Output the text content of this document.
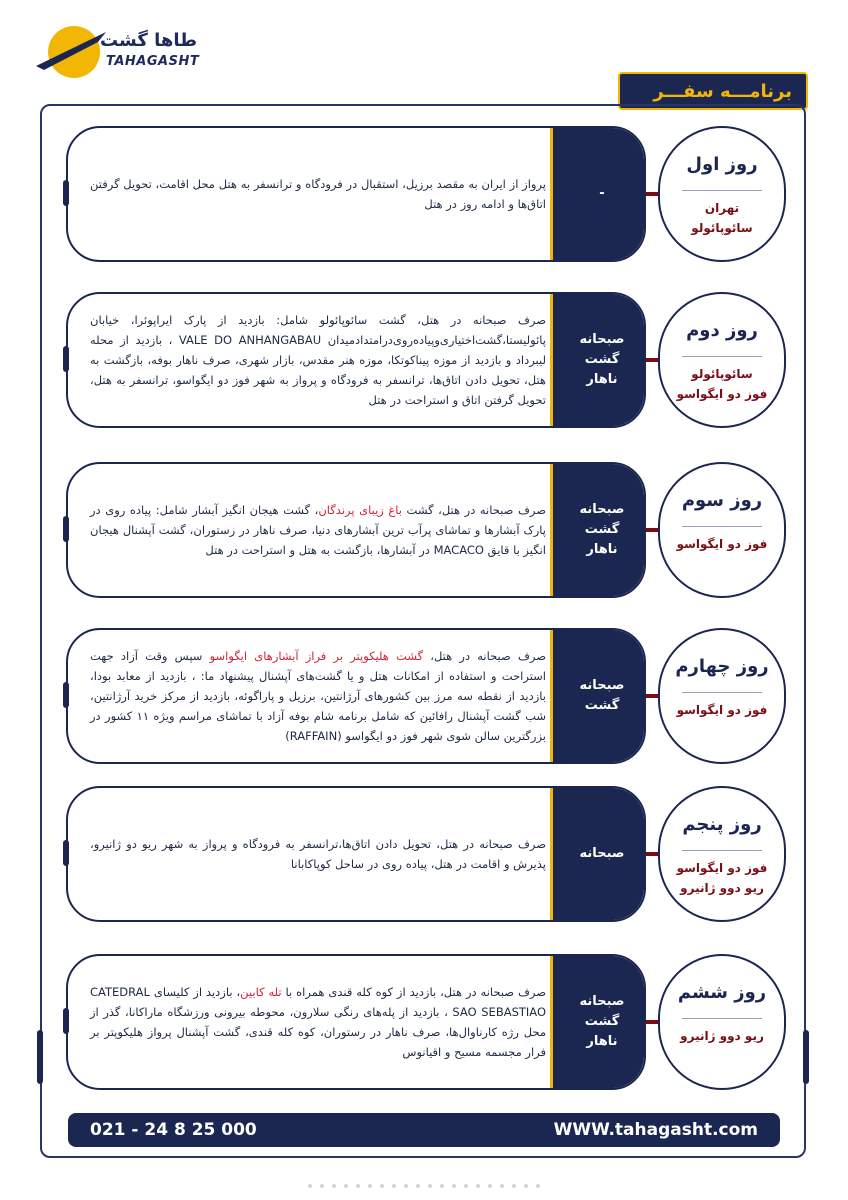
طاها گشت
TAHAGASHT
برنامـــه سفـــر
پرواز از ایران به مقصد برزیل، استقبال در فرودگاه و ترانسفر به هتل محل اقامت، تحویل گرفتن اتاق‌ها و ادامه روز در هتل
-
روز اول
تهران
سائوپائولو
صرف صبحانه در هتل، گشت سائوپائولو شامل: بازدید از پارک ایراپوئرا، خیابان پائولیستا،گشت‌اختیاری‌وپیاده‌روی‌درامتدادمیدان VALE DO ANHANGABAU ، بازدید از محله لیبرداد و بازدید از موزه پیناکوتکا، موزه هنر مقدس، بازار شهری، صرف ناهار بوفه، بازگشت به هتل، تحویل دادن اتاق‌ها، ترانسفر به فرودگاه و پرواز به شهر فوز دو ایگواسو، ترانسفر به هتل، تحویل گرفتن اتاق و استراحت در هتل
صبحانه
گشت
ناهار
روز دوم
سائوپائولو
فوز دو ایگواسو
صرف صبحانه در هتل، گشت باغ زیبای پرندگان، گشت هیجان انگیز آبشار شامل: پیاده روی در پارک آبشارها و تماشای پرآب ترین آبشارهای دنیا، صرف ناهار در رستوران، گشت آپشنال هیجان انگیز با قایق MACACO در آبشارها، بازگشت به هتل و استراحت در هتل
صبحانه
گشت
ناهار
روز سوم
فوز دو ایگواسو
صرف صبحانه در هتل، گشت هلیکوپتر بر فراز آبشارهای ایگواسو سپس وقت آزاد جهت استراحت و استفاده از امکانات هتل و یا گشت‌های آپشنال پیشنهاد ما: ، بازدید از معابد بودا، بازدید از نقطه سه مرز بین کشورهای آرژانتین، برزیل و پاراگوئه، بازدید از مرکز خرید آرژانتین، شب گشت آپشنال رافائین که شامل برنامه شام بوفه آزاد با تماشای مراسم ویژه ۱۱ کشور در بزرگترین سالن شوی شهر فوز دو ایگواسو (RAFFAIN)
صبحانه
گشت
روز چهارم
فوز دو ایگواسو
صرف صبحانه در هتل، تحویل دادن اتاق‌ها،ترانسفر به فرودگاه و پرواز به شهر ریو دو ژانیرو، پذیرش و اقامت در هتل، پیاده روی در ساحل کوپاکابانا
صبحانه
روز پنجم
فوز دو ایگواسو
ریو دوو ژانیرو
صرف صبحانه در هتل، بازدید از کوه کله قندی همراه با تله کابین، بازدید از کلیسای CATEDRAL SAO SEBASTIAO ، بازدید از پله‌های رنگی سلارون، محوطه بیرونی ورزشگاه ماراکانا، گذر از محل رژه کارناوال‌ها، صرف ناهار در رستوران، کوه کله قندی، گشت آپشنال پرواز هلیکوپتر بر فرار مجسمه مسیح و اقیانوس
صبحانه
گشت
ناهار
روز ششم
ریو دوو ژانیرو
021 - 24 8 25 000	WWW.tahagasht.com
